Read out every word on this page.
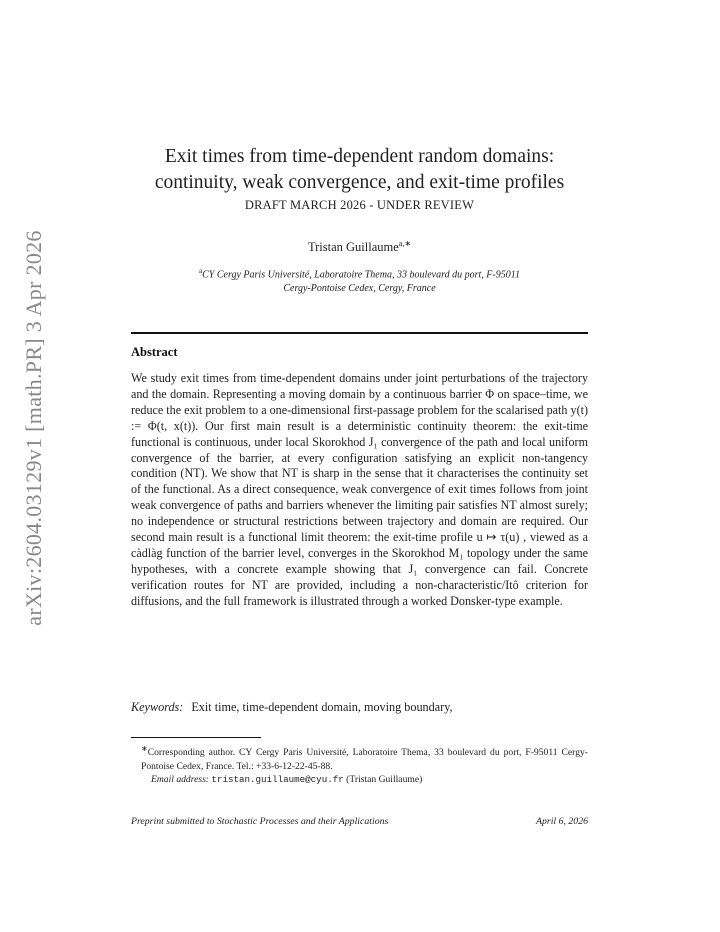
arXiv:2604.03129v1 [math.PR] 3 Apr 2026
Exit times from time-dependent random domains:
continuity, weak convergence, and exit-time profiles
DRAFT MARCH 2026 - UNDER REVIEW
Tristan Guillaume$^{a,∗}$
$^a$CY Cergy Paris Université, Laboratoire Thema, 33 boulevard du port, F-95011
Cergy-Pontoise Cedex, Cergy, France
Abstract
We study exit times from time-dependent domains under joint perturbations of the trajectory and the domain. Representing a moving domain by a continuous barrier Φ on space–time, we reduce the exit problem to a one-dimensional first-passage problem for the scalarised path y(t) := Φ(t, x(t)). Our first main result is a deterministic continuity theorem: the exit-time functional is continuous, under local Skorokhod J₁ convergence of the path and local uniform convergence of the barrier, at every configuration satisfying an explicit non-tangency condition (NT). We show that NT is sharp in the sense that it characterises the continuity set of the functional. As a direct consequence, weak convergence of exit times follows from joint weak convergence of paths and barriers whenever the limiting pair satisfies NT almost surely; no independence or structural restrictions between trajectory and domain are required. Our second main result is a functional limit theorem: the exit-time profile u ↦ τ(u) , viewed as a càdlàg function of the barrier level, converges in the Skorokhod M₁ topology under the same hypotheses, with a concrete example showing that J₁ convergence can fail. Concrete verification routes for NT are provided, including a non-characteristic/Itô criterion for diffusions, and the full framework is illustrated through a worked Donsker-type example.
Keywords: Exit time, time-dependent domain, moving boundary,
∗Corresponding author. CY Cergy Paris Université, Laboratoire Thema, 33 boulevard du port, F-95011 Cergy-Pontoise Cedex, France. Tel.: +33-6-12-22-45-88.
Email address: tristan.guillaume@cyu.fr (Tristan Guillaume)
Preprint submitted to Stochastic Processes and their Applications	April 6, 2026
